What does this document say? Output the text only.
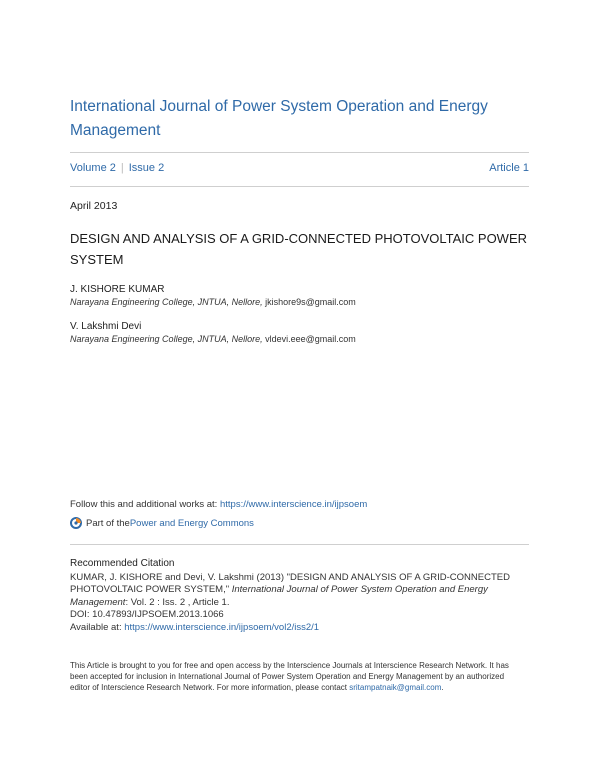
International Journal of Power System Operation and Energy Management
Volume 2 | Issue 2	Article 1
April 2013
DESIGN AND ANALYSIS OF A GRID-CONNECTED PHOTOVOLTAIC POWER SYSTEM
J. KISHORE KUMAR
Narayana Engineering College, JNTUA, Nellore, jkishore9s@gmail.com
V. Lakshmi Devi
Narayana Engineering College, JNTUA, Nellore, vldevi.eee@gmail.com
Follow this and additional works at: https://www.interscience.in/ijpsoem
Part of the Power and Energy Commons
Recommended Citation
KUMAR, J. KISHORE and Devi, V. Lakshmi (2013) "DESIGN AND ANALYSIS OF A GRID-CONNECTED PHOTOVOLTAIC POWER SYSTEM," International Journal of Power System Operation and Energy Management: Vol. 2 : Iss. 2 , Article 1.
DOI: 10.47893/IJPSOEM.2013.1066
Available at: https://www.interscience.in/ijpsoem/vol2/iss2/1
This Article is brought to you for free and open access by the Interscience Journals at Interscience Research Network. It has been accepted for inclusion in International Journal of Power System Operation and Energy Management by an authorized editor of Interscience Research Network. For more information, please contact sritampatnaik@gmail.com.
